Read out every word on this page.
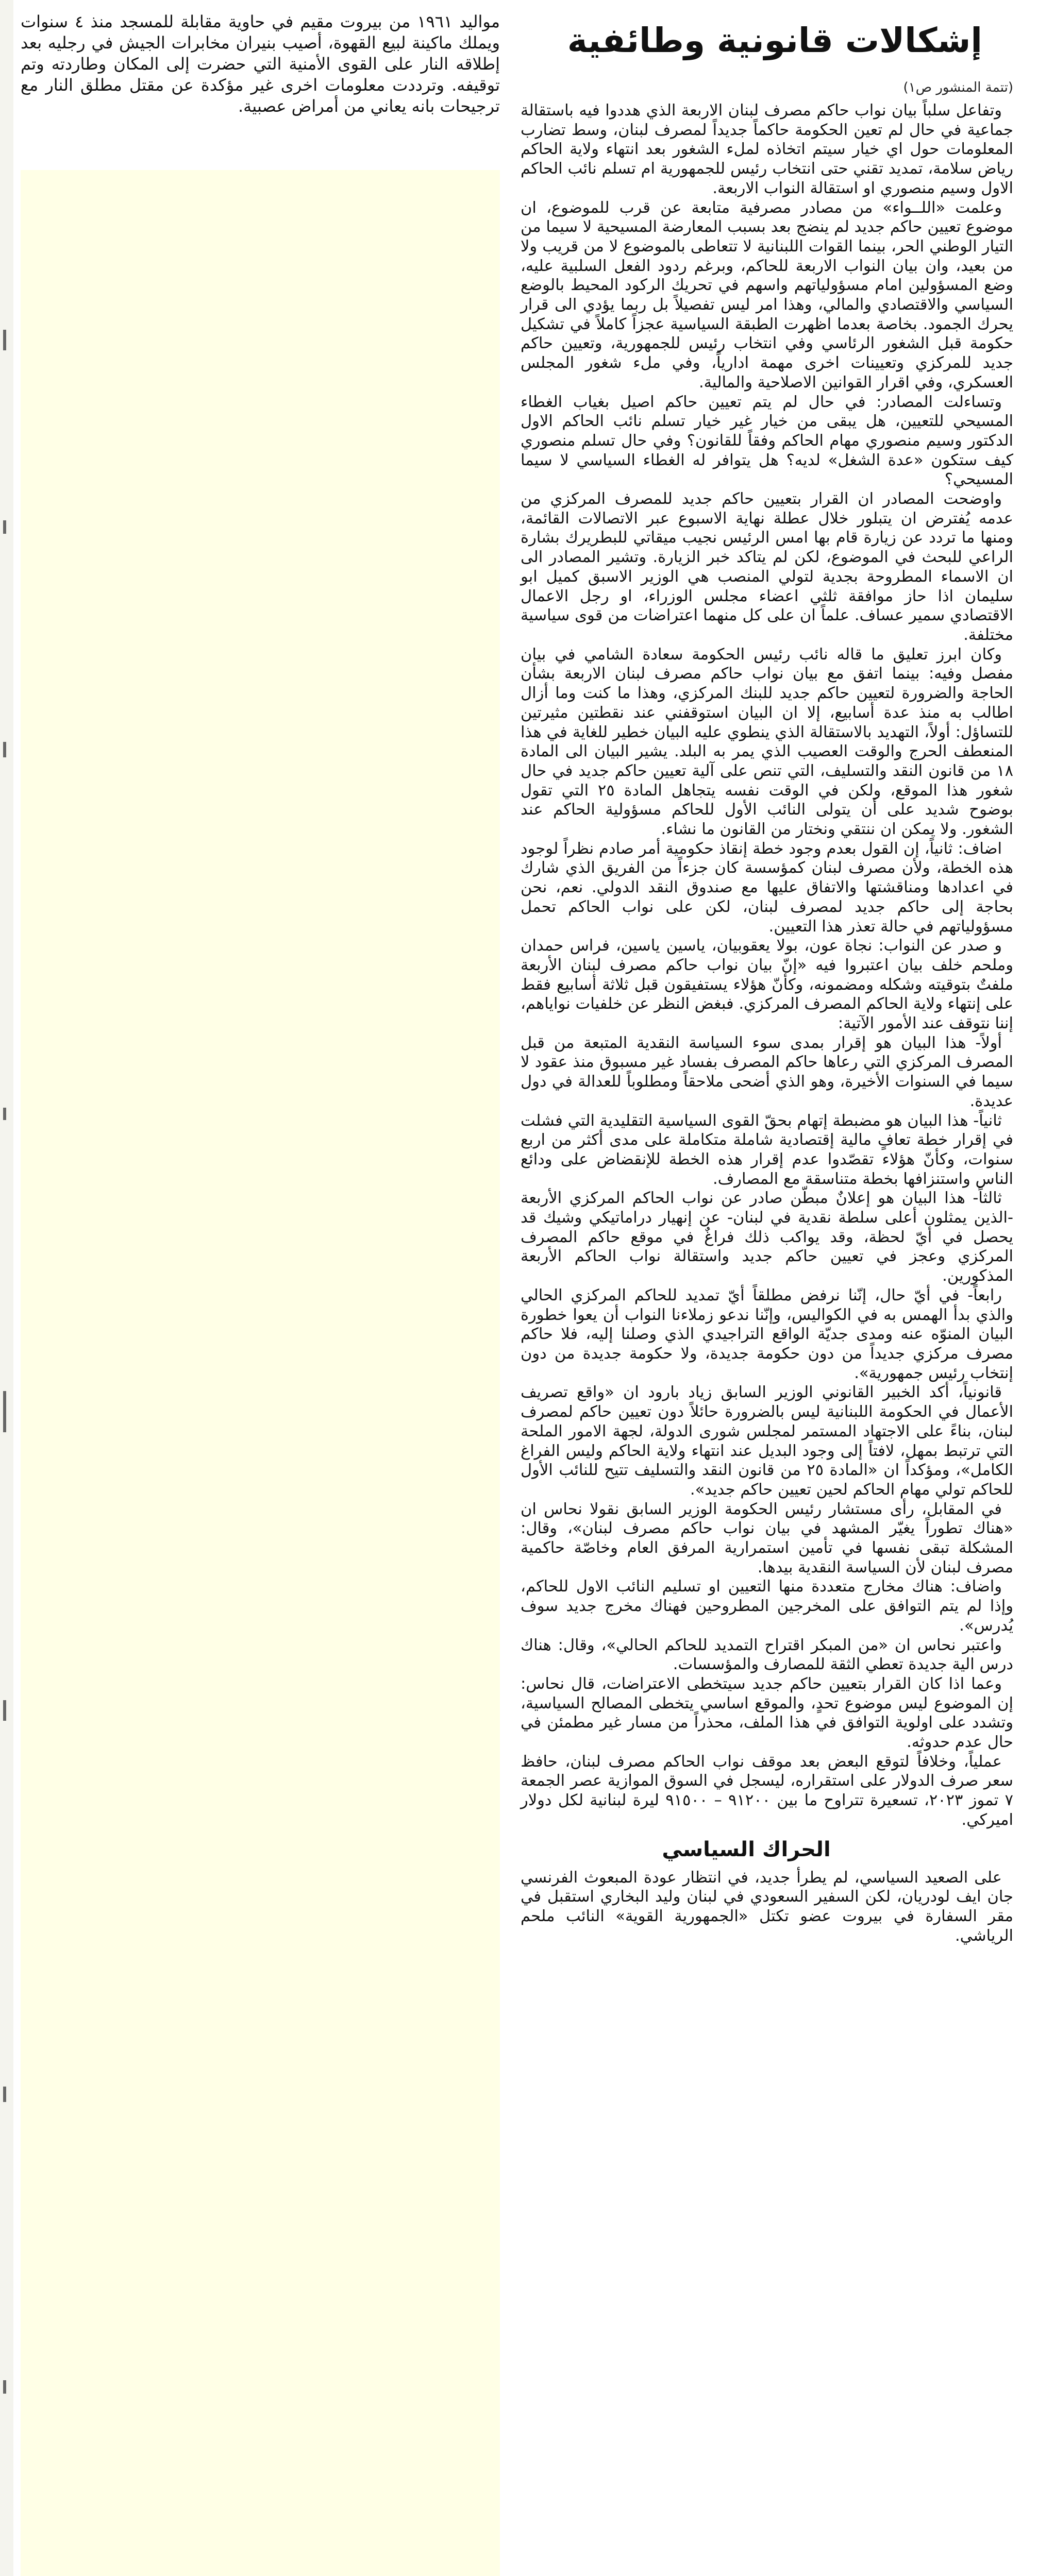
مواليد ١٩٦١ من بيروت مقيم في حاوية مقابلة للمسجد منذ ٤ سنوات ويملك ماكينة لبيع القهوة، أصيب بنيران مخابرات الجيش في رجليه بعد إطلاقه النار على القوى الأمنية التي حضرت إلى المكان وطاردته وتم توقيفه. وترددت معلومات اخرى غير مؤكدة عن مقتل مطلق النار مع ترجيحات بانه يعاني من أمراض عصبية.

إشكالات قانونية وطائفية

(تتمة المنشور ص١)

وتفاعل سلباً بيان نواب حاكم مصرف لبنان الاربعة الذي هددوا فيه باستقالة جماعية في حال لم تعين الحكومة حاكماً جديداً لمصرف لبنان، وسط تضارب المعلومات حول اي خيار سيتم اتخاذه لملء الشغور بعد انتهاء ولاية الحاكم رياض سلامة، تمديد تقني حتى انتخاب رئيس للجمهورية ام تسلم نائب الحاكم الاول وسيم منصوري او استقالة النواب الاربعة.

وعلمت «اللــواء» من مصادر مصرفية متابعة عن قرب للموضوع، ان موضوع تعيين حاكم جديد لم ينضج بعد بسبب المعارضة المسيحية لا سيما من التيار الوطني الحر، بينما القوات اللبنانية لا تتعاطى بالموضوع لا من قريب ولا من بعيد، وان بيان النواب الاربعة للحاكم، وبرغم ردود الفعل السلبية عليه، وضع المسؤولين امام مسؤولياتهم واسهم في تحريك الركود المحيط بالوضع السياسي والاقتصادي والمالي، وهذا امر ليس تفصيلاً بل ربما يؤدي الى قرار يحرك الجمود. بخاصة بعدما اظهرت الطبقة السياسية عجزاً كاملاً في تشكيل حكومة قبل الشغور الرئاسي وفي انتخاب رئيس للجمهورية، وتعيين حاكم جديد للمركزي وتعيينات اخرى مهمة ادارياً، وفي ملء شغور المجلس العسكري، وفي اقرار القوانين الاصلاحية والمالية.

وتساءلت المصادر: في حال لم يتم تعيين حاكم اصيل بغياب الغطاء المسيحي للتعيين، هل يبقى من خيار غير خيار تسلم نائب الحاكم الاول الدكتور وسيم منصوري مهام الحاكم وفقاً للقانون؟ وفي حال تسلم منصوري كيف ستكون «عدة الشغل» لديه؟ هل يتوافر له الغطاء السياسي لا سيما المسيحي؟

واوضحت المصادر ان القرار بتعيين حاكم جديد للمصرف المركزي من عدمه يُفترض ان يتبلور خلال عطلة نهاية الاسبوع عبر الاتصالات القائمة، ومنها ما تردد عن زيارة قام بها امس الرئيس نجيب ميقاتي للبطريرك بشارة الراعي للبحث في الموضوع، لكن لم يتاكد خبر الزيارة. وتشير المصادر الى ان الاسماء المطروحة بجدية لتولي المنصب هي الوزير الاسبق كميل ابو سليمان اذا حاز موافقة ثلثي اعضاء مجلس الوزراء، او رجل الاعمال الاقتصادي سمير عساف. علماً ان على كل منهما اعتراضات من قوى سياسية مختلفة.

وكان ابرز تعليق ما قاله نائب رئيس الحكومة سعادة الشامي في بيان مفصل وفيه: بينما اتفق مع بيان نواب حاكم مصرف لبنان الاربعة بشأن الحاجة والضرورة لتعيين حاكم جديد للبنك المركزي، وهذا ما كنت وما أزال اطالب به منذ عدة أسابيع، إلا ان البيان استوقفني عند نقطتين مثيرتين للتساؤل: أولاً، التهديد بالاستقالة الذي ينطوي عليه البيان خطير للغاية في هذا المنعطف الحرج والوقت العصيب الذي يمر به البلد. يشير البيان الى المادة ١٨ من قانون النقد والتسليف، التي تنص على آلية تعيين حاكم جديد في حال شغور هذا الموقع، ولكن في الوقت نفسه يتجاهل المادة ٢٥ التي تقول بوضوح شديد على أن يتولى النائب الأول للحاكم مسؤولية الحاكم عند الشغور. ولا يمكن ان ننتقي ونختار من القانون ما نشاء.

اضاف: ثانياً، إن القول بعدم وجود خطة إنقاذ حكومية أمر صادم نظراً لوجود هذه الخطة، ولأن مصرف لبنان كمؤسسة كان جزءاً من الفريق الذي شارك في اعدادها ومناقشتها والاتفاق عليها مع صندوق النقد الدولي. نعم، نحن بحاجة إلى حاكم جديد لمصرف لبنان، لكن على نواب الحاكم تحمل مسؤولياتهم في حالة تعذر هذا التعيين.

و صدر عن النواب: نجاة عون، بولا يعقوبيان، ياسين ياسين، فراس حمدان وملحم خلف بيان اعتبروا فيه «إنّ بيان نواب حاكم مصرف لبنان الأربعة ملفتٌ بتوقيته وشكله ومضمونه، وكأنّ هؤلاء يستفيقون قبل ثلاثة أسابيع فقط على إنتهاء ولاية الحاكم المصرف المركزي. فبغض النظر عن خلفيات نواياهم، إننا نتوقف عند الأمور الآتية:

أولاً- هذا البيان هو إقرار بمدى سوء السياسة النقدية المتبعة من قبل المصرف المركزي التي رعاها حاكم المصرف بفساد غير مسبوق منذ عقود لا سيما في السنوات الأخيرة، وهو الذي أضحى ملاحقاً ومطلوباً للعدالة في دول عديدة.

ثانياً- هذا البيان هو مضبطة إتهام بحقّ القوى السياسية التقليدية التي فشلت في إقرار خطة تعافٍ مالية إقتصادية شاملة متكاملة على مدى أكثر من اربع سنوات، وكأنّ هؤلاء تقصّدوا عدم إقرار هذه الخطة للإنقضاض على ودائع الناس واستنزافها بخطة متناسقة مع المصارف.

ثالثاً- هذا البيان هو إعلانٌ مبطّن صادر عن نواب الحاكم المركزي الأربعة -الذين يمثلون أعلى سلطة نقدية في لبنان- عن إنهيار دراماتيكي وشيك قد يحصل في أيّ لحظة، وقد يواكب ذلك فراغٌ في موقع حاكم المصرف المركزي وعجز في تعيين حاكم جديد واستقالة نواب الحاكم الأربعة المذكورين.

رابعاً- في أيّ حال، إنّنا نرفض مطلقاً أيّ تمديد للحاكم المركزي الحالي والذي بدأ الهمس به في الكواليس، وإنّنا ندعو زملاءنا النواب أن يعوا خطورة البيان المنوّه عنه ومدى جديّة الواقع التراجيدي الذي وصلنا إليه، فلا حاكم مصرف مركزي جديداً من دون حكومة جديدة، ولا حكومة جديدة من دون إنتخاب رئيس جمهورية».

قانونياً، أكد الخبير القانوني الوزير السابق زياد بارود ان «واقع تصريف الأعمال في الحكومة اللبنانية ليس بالضرورة حائلاً دون تعيين حاكم لمصرف لبنان، بناءً على الاجتهاد المستمر لمجلس شورى الدولة، لجهة الامور الملحة التي ترتبط بمهل، لافتاً إلى وجود البديل عند انتهاء ولاية الحاكم وليس الفراغ الكامل»، ومؤكداً ان «المادة ٢٥ من قانون النقد والتسليف تتيح للنائب الأول للحاكم تولي مهام الحاكم لحين تعيين حاكم جديد».

في المقابل، رأى مستشار رئيس الحكومة الوزير السابق نقولا نحاس ان «هناك تطوراً يغيّر المشهد في بيان نواب حاكم مصرف لبنان»، وقال: المشكلة تبقى نفسها في تأمين استمرارية المرفق العام وخاصّة حاكمية مصرف لبنان لأن السياسة النقدية بيدها.

واضاف: هناك مخارج متعددة منها التعيين او تسليم النائب الاول للحاكم، وإذا لم يتم التوافق على المخرجين المطروحين فهناك مخرج جديد سوف يُدرس».

واعتبر نحاس ان «من المبكر اقتراح التمديد للحاكم الحالي»، وقال: هناك درس الية جديدة تعطي الثقة للمصارف والمؤسسات.

وعما اذا كان القرار بتعيين حاكم جديد سيتخطى الاعتراضات، قال نحاس: إن الموضوع ليس موضوع تحدٍ، والموقع اساسي يتخطى المصالح السياسية، وتشدد على اولوية التوافق في هذا الملف، محذراً من مسار غير مطمئن في حال عدم حدوثه.

عملياً، وخلافاً لتوقع البعض بعد موقف نواب الحاكم مصرف لبنان، حافظ سعر صرف الدولار على استقراره، ليسجل في السوق الموازية عصر الجمعة ٧ تموز ٢٠٢٣، تسعيرة تتراوح ما بين ٩١٢٠٠ – ٩١٥٠٠ ليرة لبنانية لكل دولار اميركي.

الحراك السياسي

على الصعيد السياسي، لم يطرأ جديد، في انتظار عودة المبعوث الفرنسي جان ايف لودريان، لكن السفير السعودي في لبنان وليد البخاري استقبل في مقر السفارة في بيروت عضو تكتل «الجمهورية القوية» النائب ملحم الرياشي.
